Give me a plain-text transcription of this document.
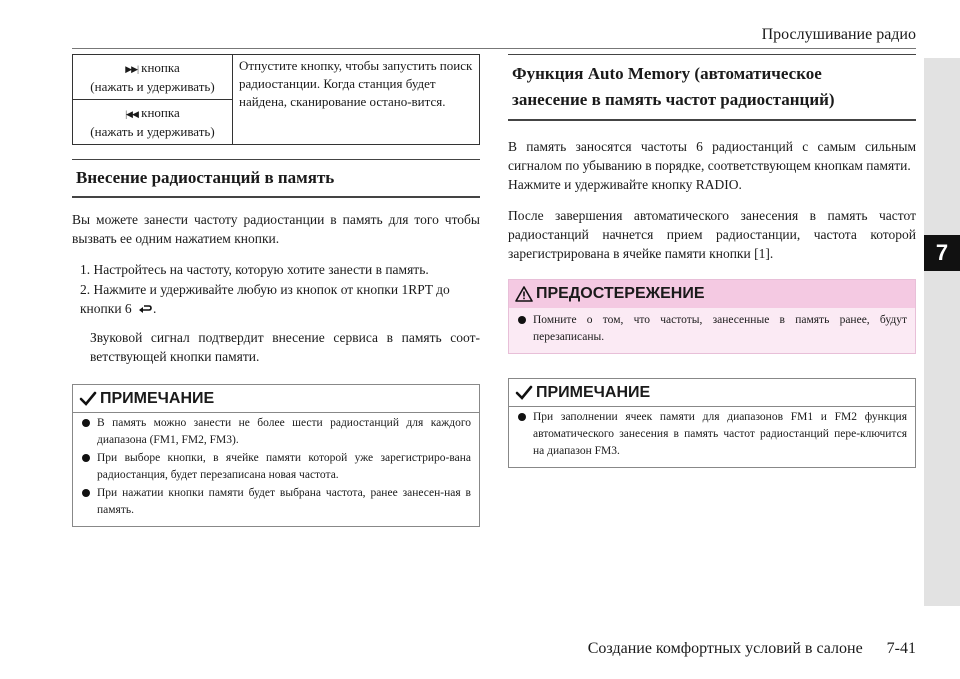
Прослушивание радио
7
Создание комфортных условий в салоне 7-41
▶▶| кнопка
(нажать и удерживать)	Отпустите кнопку, чтобы запустить поиск радиостанции. Когда станция будет найдена, сканирование остано-вится.
|◀◀ кнопка
(нажать и удерживать)
Внесение радиостанций в память

Вы можете занести частоту радиостанции в память для того чтобы вызвать ее одним нажатием кнопки.

1. Настройтесь на частоту, которую хотите занести в память.
2. Нажмите и удерживайте любую из кнопок от кнопки 1RPT до кнопки 6 .

Звуковой сигнал подтвердит внесение сервиса в память соот-ветствующей кнопки памяти.

ПРИМЕЧАНИЕ
В память можно занести не более шести радиостанций для каждого диапазона (FM1, FM2, FM3).
При выборе кнопки, в ячейке памяти которой уже зарегистриро-вана радиостанция, будет перезаписана новая частота.
При нажатии кнопки памяти будет выбрана частота, ранее занесен-ная в память.
Функция Auto Memory (автоматическое
занесение в память частот радиостанций)

В память заносятся частоты 6 радиостанций с самым сильным сигналом по убыванию в порядке, соответствующем кнопкам памяти.

Нажмите и удерживайте кнопку RADIO.

После завершения автоматического занесения в память частот радиостанций начнется прием радиостанции, частота которой зарегистрирована в ячейке памяти кнопки [1].

ПРЕДОСТЕРЕЖЕНИЕ
Помните о том, что частоты, занесенные в память ранее, будут перезаписаны.
ПРИМЕЧАНИЕ
При заполнении ячеек памяти для диапазонов FM1 и FM2 функция автоматического занесения в память частот радиостанций пере-ключится на диапазон FM3.
